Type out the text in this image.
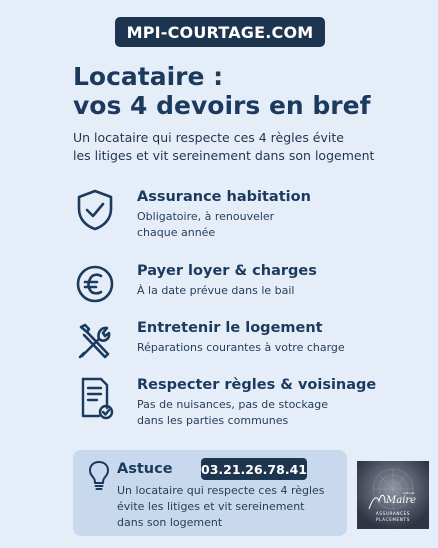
MPI-COURTAGE.COM
Locataire :
vos 4 devoirs en bref
Un locataire qui respecte ces 4 règles évite
les litiges et vit sereinement dans son logement
Assurance habitation
Obligatoire, à renouveler
chaque année
Payer loyer & charges
À la date prévue dans le bail
Entretenir le logement
Réparations courantes à votre charge
Respecter règles & voisinage
Pas de nuisances, pas de stockage
dans les parties communes
Astuce 03.21.26.78.41
Un locataire qui respecte ces 4 règles
évite les litiges et vit sereinement
dans son logement
Maire
Cabinet
ASSURANCES
PLACEMENTS
